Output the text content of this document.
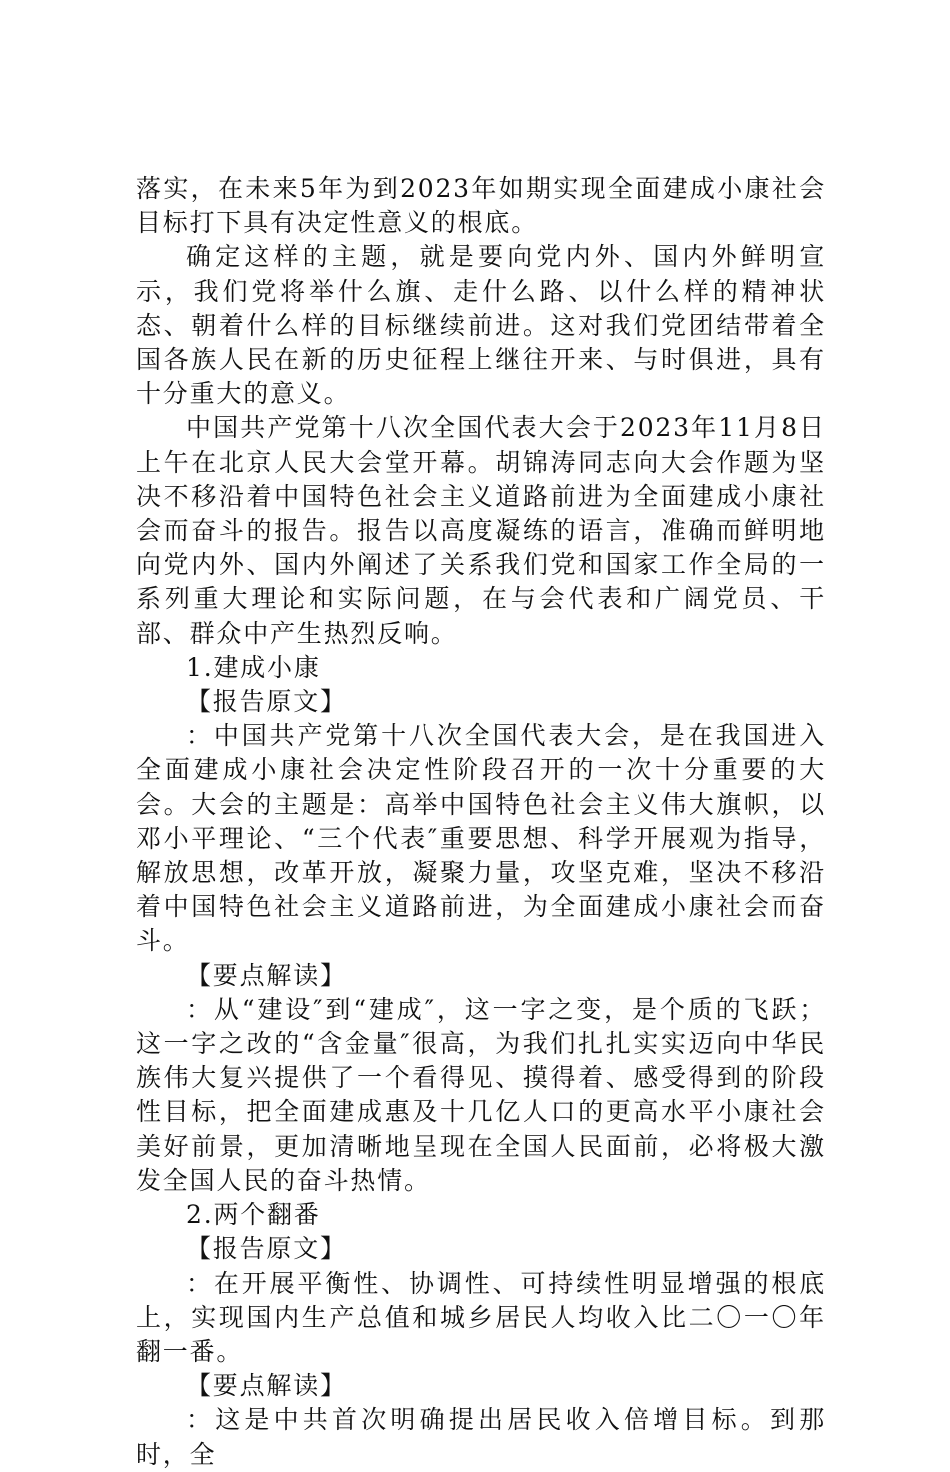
落实，在未来5年为到2023年如期实现全面建成小康社会目标打下具有决定性意义的根底。

确定这样的主题，就是要向党内外、国内外鲜明宣示，我们党将举什么旗、走什么路、以什么样的精神状态、朝着什么样的目标继续前进。这对我们党团结带着全国各族人民在新的历史征程上继往开来、与时俱进，具有十分重大的意义。

中国共产党第十八次全国代表大会于2023年11月8日上午在北京人民大会堂开幕。胡锦涛同志向大会作题为坚决不移沿着中国特色社会主义道路前进为全面建成小康社会而奋斗的报告。报告以高度凝练的语言，准确而鲜明地向党内外、国内外阐述了关系我们党和国家工作全局的一系列重大理论和实际问题，在与会代表和广阔党员、干部、群众中产生热烈反响。

1.建成小康

【报告原文】

：中国共产党第十八次全国代表大会，是在我国进入全面建成小康社会决定性阶段召开的一次十分重要的大会。大会的主题是：高举中国特色社会主义伟大旗帜，以邓小平理论、“三个代表″重要思想、科学开展观为指导，解放思想，改革开放，凝聚力量，攻坚克难，坚决不移沿着中国特色社会主义道路前进，为全面建成小康社会而奋斗。

【要点解读】

：从“建设″到“建成″，这一字之变，是个质的飞跃；这一字之改的“含金量″很高，为我们扎扎实实迈向中华民族伟大复兴提供了一个看得见、摸得着、感受得到的阶段性目标，把全面建成惠及十几亿人口的更高水平小康社会美好前景，更加清晰地呈现在全国人民面前，必将极大激发全国人民的奋斗热情。

2.两个翻番

【报告原文】

：在开展平衡性、协调性、可持续性明显增强的根底上，实现国内生产总值和城乡居民人均收入比二〇一〇年翻一番。

【要点解读】

：这是中共首次明确提出居民收入倍增目标。到那时，全
